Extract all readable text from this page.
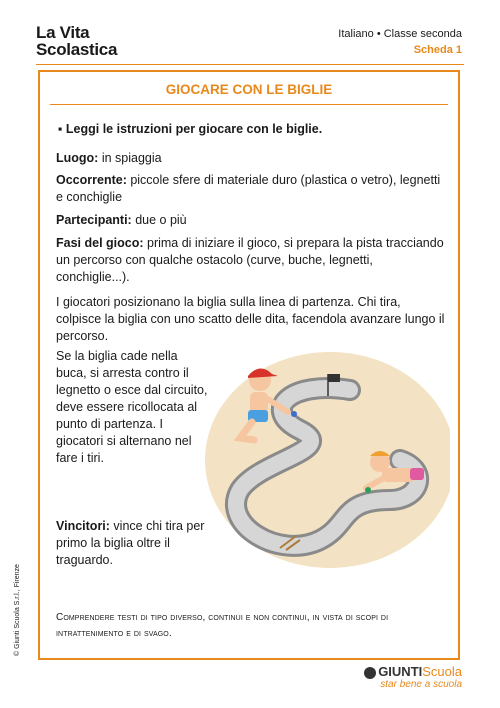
La Vita
Scolastica
Italiano • Classe seconda
Scheda 1
GIOCARE CON LE BIGLIE
▪ Leggi le istruzioni per giocare con le biglie.
Luogo: in spiaggia
Occorrente: piccole sfere di materiale duro (plastica o vetro), legnetti e conchiglie
Partecipanti: due o più
Fasi del gioco: prima di iniziare il gioco, si prepara la pista tracciando un percorso con qualche ostacolo (curve, buche, legnetti, conchiglie...).
I giocatori posizionano la biglia sulla linea di partenza. Chi tira, colpisce la biglia con uno scatto delle dita, facendola avanzare lungo il percorso.
Se la biglia cade nella buca, si arresta contro il legnetto o esce dal circuito, deve essere ricollocata al punto di partenza. I giocatori si alternano nel fare i tiri.
Vincitori: vince chi tira per primo la biglia oltre il traguardo.
Comprendere testi di tipo diverso, continui e non continui, in vista di scopi di intrattenimento e di svago.
© Giunti Scuola S.r.l., Firenze
GIUNTIScuola
star bene a scuola
